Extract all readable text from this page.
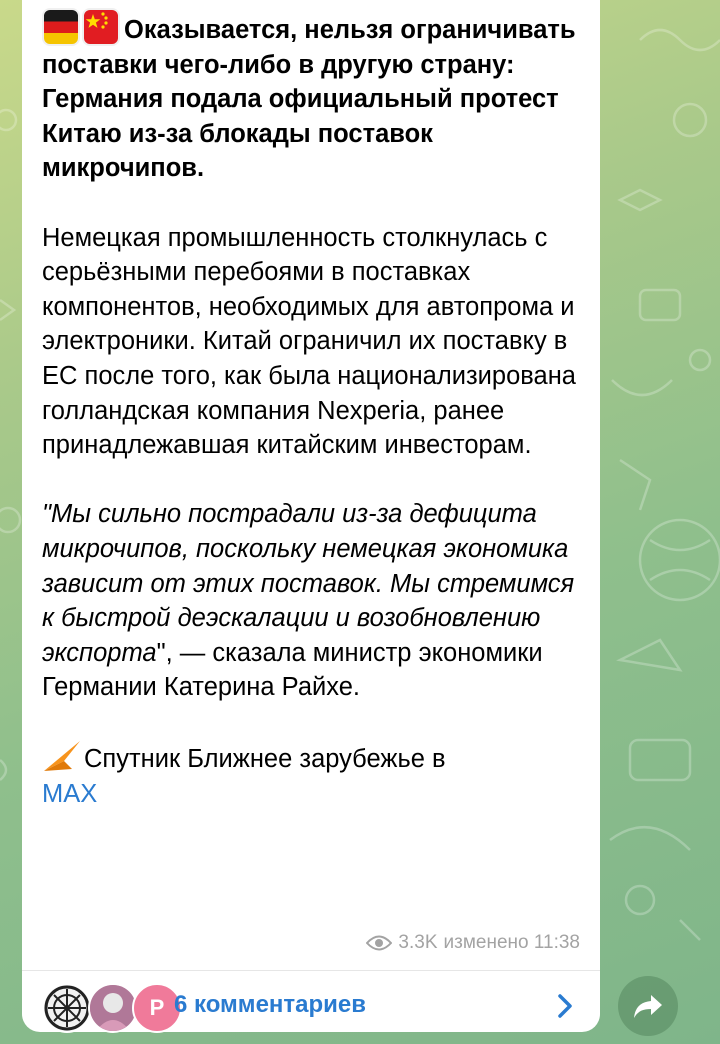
Оказывается, нельзя ограничивать поставки чего-либо в другую страну: Германия подала официальный протест Китаю из-за блокады поставок микрочипов.

Немецкая промышленность столкнулась с серьёзными перебоями в поставках компонентов, необходимых для автопрома и электроники. Китай ограничил их поставку в ЕС после того, как была национализирована голландская компания Nexperia, ранее принадлежавшая китайским инвесторам.

"Мы сильно пострадали из-за дефицита микрочипов, поскольку немецкая экономика зависит от этих поставок. Мы стремимся к быстрой деэскалации и возобновлению экспорта", — сказала министр экономики Германии Катерина Райхе.

Спутник Ближнее зарубежье в
MAX
3.3K изменено 11:38
Р 6 комментариев
